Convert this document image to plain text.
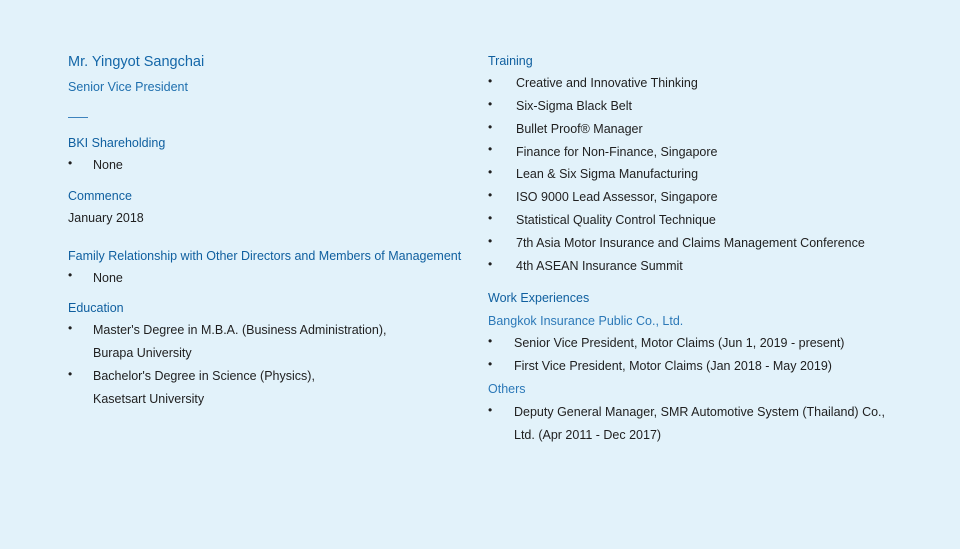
Mr. Yingyot Sangchai
Senior Vice President
BKI Shareholding
• None
Commence
January 2018
Family Relationship with Other Directors and Members of Management
• None
Education
• Master's Degree in M.B.A. (Business Administration),
Burapa University
• Bachelor's Degree in Science (Physics),
Kasetsart University
Training
• Creative and Innovative Thinking
• Six-Sigma Black Belt
• Bullet Proof® Manager
• Finance for Non-Finance, Singapore
• Lean & Six Sigma Manufacturing
• ISO 9000 Lead Assessor, Singapore
• Statistical Quality Control Technique
• 7th Asia Motor Insurance and Claims Management Conference
• 4th ASEAN Insurance Summit
Work Experiences
Bangkok Insurance Public Co., Ltd.
• Senior Vice President, Motor Claims (Jun 1, 2019 - present)
• First Vice President, Motor Claims (Jan 2018 - May 2019)
Others
• Deputy General Manager, SMR Automotive System (Thailand) Co.,
Ltd. (Apr 2011 - Dec 2017)
